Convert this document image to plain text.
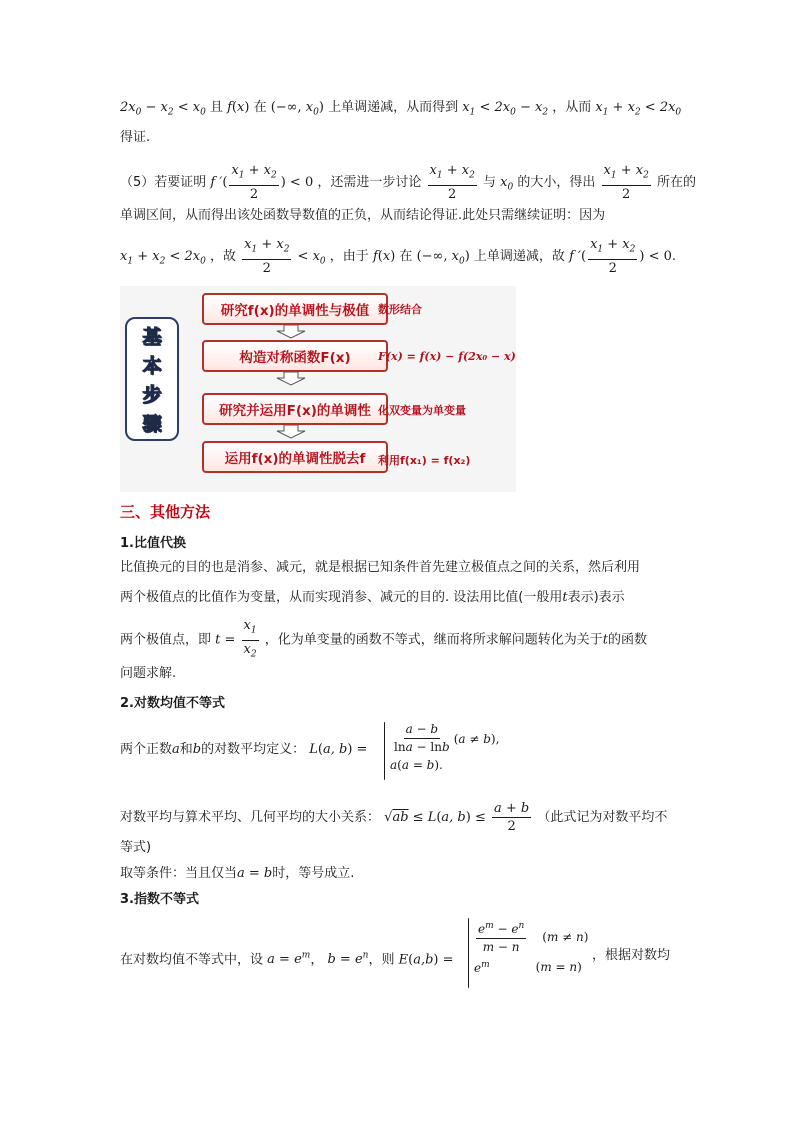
$2x_0 - x_2 < x_0$ 且 f(x) 在 (−∞, $x_0$) 上单调递减，从而得到 $x_1 < 2x_0 - x_2$ ，从而 $x_1 + x_2 < 2x_0$
得证.
（5）若要证明 f ′( $\frac{x_1 + x_2}{2}$ ) < 0 ，还需进一步讨论 $\frac{x_1 + x_2}{2}$ 与 $x_0$ 的大小，得出 $\frac{x_1 + x_2}{2}$ 所在的
单调区间，从而得出该处函数导数值的正负，从而结论得证.此处只需继续证明：因为
$x_1 + x_2 < 2x_0$ ，故 $\frac{x_1 + x_2}{2} < x_0$ ，由于 f(x) 在 (−∞, $x_0$) 上单调递减，故 f ′( $\frac{x_1 + x_2}{2}$ ) < 0.
基
本
步
骤
研究f(x)的单调性与极值
构造对称函数F(x)
研究并运用F(x)的单调性
运用f(x)的单调性脱去f
数形结合
F(x) = f(x) − f(2x₀ − x)
化双变量为单变量
利用f(x₁) = f(x₂)
三、其他方法
1.比值代换
比值换元的目的也是消参、减元，就是根据已知条件首先建立极值点之间的关系，然后利用
两个极值点的比值作为变量，从而实现消参、减元的目的. 设法用比值(一般用t表示)表示
两个极值点，即 $t = \frac{x_1}{x_2}$ ，化为单变量的函数不等式，继而将所求解问题转化为关于t的函数
问题求解.
2.对数均值不等式
两个正数a和b的对数平均定义： L(a, $b) = \frac{a - b}{\ln a - \ln b}$ ( a ≠ b ),
a(a = b).
对数平均与算术平均、几何平均的大小关系： √ab ≤ L(a, $b) \le \frac{a + b}{2}$ （此式记为对数平均不
等式)
取等条件：当且仅当a = b时，等号成立.
3.指数不等式
在对数均值不等式中，设 $a = e^m$， $b = e^n$，则 E(a,b) =
$\frac{e^m - e^n}{m - n} (m \ne n)$
$e^m$	(m = n)
，根据对数均
